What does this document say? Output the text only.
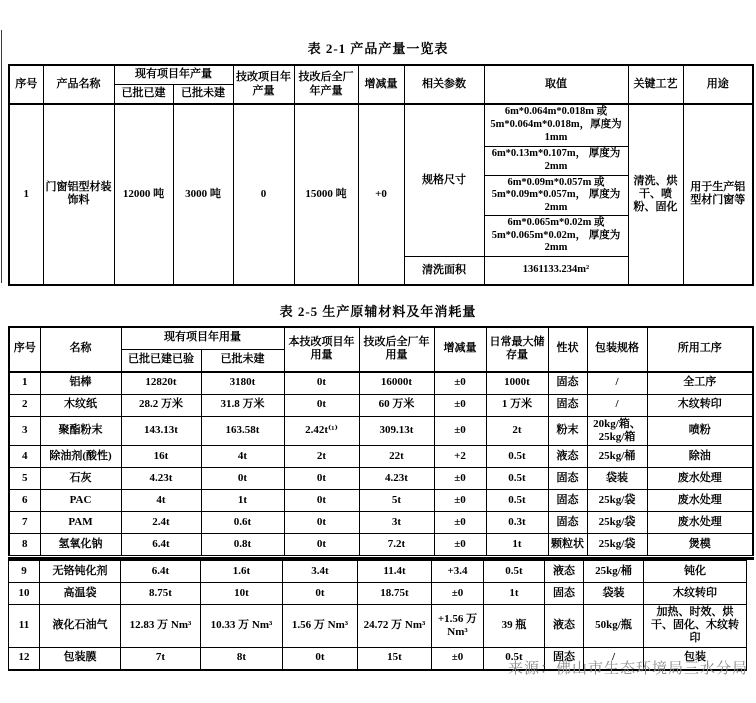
表 2-1 产品产量一览表
序号	产品名称	现有项目年产量		技改项目年产量	技改后全厂年产量	增减量	相关参数	取值	关键工艺	用途
		已批已建	已批未建							
1	门窗铝型材装饰料	12000 吨	3000 吨	0	15000 吨	+0	规格尺寸	6m*0.064m*0.018m 或 5m*0.064m*0.018m，厚度为 1mm	清洗、烘干、喷粉、固化	用于生产铝型材门窗等
								6m*0.13m*0.107m， 厚度为 2mm		
								6m*0.09m*0.057m 或 5m*0.09m*0.057m， 厚度为 2mm		
								6m*0.065m*0.02m 或 5m*0.065m*0.02m， 厚度为 2mm		
							清洗面积	1361133.234m²		
表 2-5 生产原辅材料及年消耗量
序号	名称	现有项目年用量		本技改项目年用量	技改后全厂年用量	增减量	日常最大储存量	性状	包装规格	所用工序
		已批已建已验	已批未建							
1	铝棒	12820t	3180t	0t	16000t	±0	1000t	固态	/	全工序
2	木纹纸	28.2 万米	31.8 万米	0t	60 万米	±0	1 万米	固态	/	木纹转印
3	聚酯粉末	143.13t	163.58t	2.42t⁽¹⁾	309.13t	±0	2t	粉末	20kg/箱、25kg/箱	喷粉
4	除油剂(酸性)	16t	4t	2t	22t	+2	0.5t	液态	25kg/桶	除油
5	石灰	4.23t	0t	0t	4.23t	±0	0.5t	固态	袋装	废水处理
6	PAC	4t	1t	0t	5t	±0	0.5t	固态	25kg/袋	废水处理
7	PAM	2.4t	0.6t	0t	3t	±0	0.3t	固态	25kg/袋	废水处理
8	氢氧化钠	6.4t	0.8t	0t	7.2t	±0	1t	颗粒状	25kg/袋	煲模
9	无铬钝化剂	6.4t	1.6t	3.4t	11.4t	+3.4	0.5t	液态	25kg/桶	钝化
10	高温袋	8.75t	10t	0t	18.75t	±0	1t	固态	袋装	木纹转印
11	液化石油气	12.83 万 Nm³	10.33 万 Nm³	1.56 万 Nm³	24.72 万 Nm³	+1.56 万 Nm³	39 瓶	液态	50kg/瓶	加热、时效、烘干、固化、木纹转印
12	包装膜	7t	8t	0t	15t	±0	0.5t	固态	/	包装
来源：佛山市生态环境局三水分局
